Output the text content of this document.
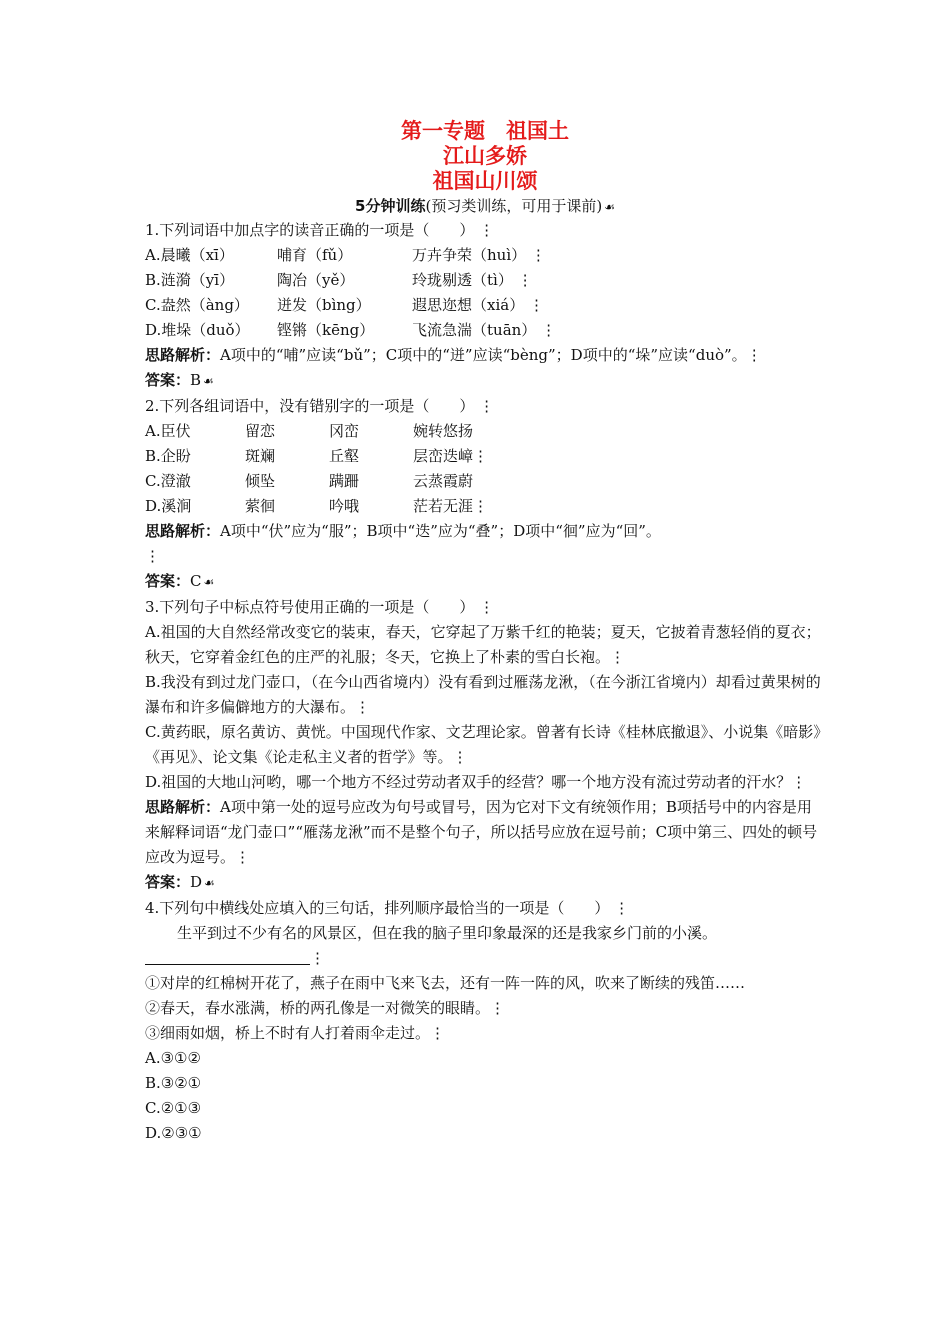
第一专题　祖国土
江山多娇
祖国山川颂
5分钟训练(预习类训练，可用于课前) ☙
1.下列词语中加点字的读音正确的一项是（　　） ⋮
A.晨曦（xī）	哺育（fǔ）	万卉争荣（huì）
⋮
B.涟漪（yī）	陶冶（yě）	玲珑剔透（tì）
⋮
C.盎然（àng）	迸发（bìng）	遐思迩想（xiá）
⋮
D.堆垛（duǒ）	铿锵（kēng）	飞流急湍（tuān）
⋮
思路解析：A项中的“哺”应读“bǔ”；C项中的“迸”应读“bèng”；D项中的“垛”应读“duò”。⋮
答案：B ☙
2.下列各组词语中，没有错别字的一项是（　　） ⋮
A.臣伏	留恋	冈峦	婉转悠扬
B.企盼	斑斓	丘壑	层峦迭嶂 ⋮
C.澄澈	倾坠	蹒跚	云蒸霞蔚
D.溪涧	萦徊	吟哦	茫若无涯 ⋮
思路解析：A项中“伏”应为“服”；B项中“迭”应为“叠”；D项中“徊”应为“回”。
⋮
答案：C ☙
3.下列句子中标点符号使用正确的一项是（　　） ⋮
A.祖国的大自然经常改变它的装束，春天，它穿起了万紫千红的艳装；夏天，它披着青葱轻俏的夏衣；秋天，它穿着金红色的庄严的礼服；冬天，它换上了朴素的雪白长袍。⋮
B.我没有到过龙门壶口，（在今山西省境内）没有看到过雁荡龙湫，（在今浙江省境内）却看过黄果树的瀑布和许多偏僻地方的大瀑布。⋮
C.黄药眠，原名黄访、黄恍。中国现代作家、文艺理论家。曾著有长诗《桂林底撤退》、小说集《暗影》《再见》、论文集《论走私主义者的哲学》等。⋮
D.祖国的大地山河哟，哪一个地方不经过劳动者双手的经营？哪一个地方没有流过劳动者的汗水？⋮
思路解析：A项中第一处的逗号应改为句号或冒号，因为它对下文有统领作用；B项括号中的内容是用来解释词语“龙门壶口”“雁荡龙湫”而不是整个句子，所以括号应放在逗号前；C项中第三、四处的顿号应改为逗号。⋮
答案：D ☙
4.下列句中横线处应填入的三句话，排列顺序最恰当的一项是（　　） ⋮
生平到过不少有名的风景区，但在我的脑子里印象最深的还是我家乡门前的小溪。
⋮
①对岸的红棉树开花了，燕子在雨中飞来飞去，还有一阵一阵的风，吹来了断续的残笛……
②春天，春水涨满，桥的两孔像是一对微笑的眼睛。⋮
③细雨如烟，桥上不时有人打着雨伞走过。⋮
A.③①②
B.③②①
C.②①③
D.②③①
